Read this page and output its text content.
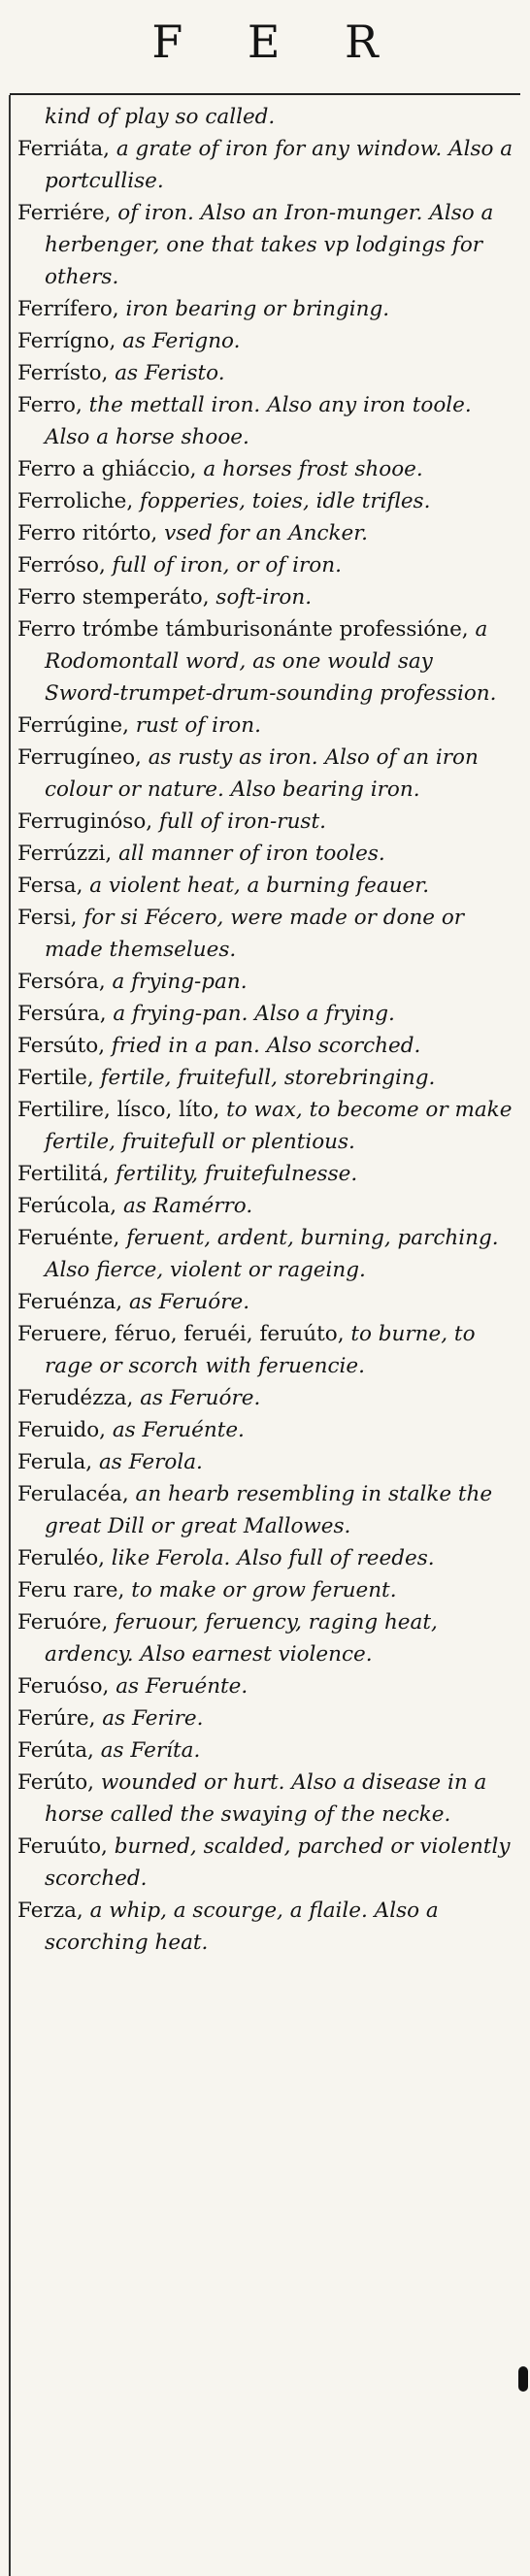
F E R

kind of play so called.

Ferriáta, a grate of iron for any window. Also a portcullise.

Ferriére, of iron. Also an Iron-munger. Also a herbenger, one that takes vp lodgings for others.

Ferrífero, iron bearing or bringing.

Ferrígno, as Ferigno.

Ferrísto, as Feristo.

Ferro, the mettall iron. Also any iron toole. Also a horse shooe.

Ferro a ghiáccio, a horses frost shooe.

Ferroliche, fopperies, toies, idle trifles.

Ferro ritórto, vsed for an Ancker.

Ferróso, full of iron, or of iron.

Ferro stemperáto, soft-iron.

Ferro trómbe támburisonánte professióne, a Rodomontall word, as one would say Sword-trumpet-drum-sounding profession.

Ferrúgine, rust of iron.

Ferrugíneo, as rusty as iron. Also of an iron colour or nature. Also bearing iron.

Ferruginóso, full of iron-rust.

Ferrúzzi, all manner of iron tooles.

Fersa, a violent heat, a burning feauer.

Fersi, for si Fécero, were made or done or made themselues.

Fersóra, a frying-pan.

Fersúra, a frying-pan. Also a frying.

Fersúto, fried in a pan. Also scorched.

Fertile, fertile, fruitefull, storebringing.

Fertilire, lísco, líto, to wax, to become or make fertile, fruitefull or plentious.

Fertilitá, fertility, fruitefulnesse.

Ferúcola, as Ramérro.

Feruénte, feruent, ardent, burning, parching. Also fierce, violent or rageing.

Feruénza, as Feruóre.

Feruere, féruo, feruéi, feruúto, to burne, to rage or scorch with feruencie.

Ferudézza, as Feruóre.

Feruido, as Feruénte.

Ferula, as Ferola.

Ferulacéa, an hearb resembling in stalke the great Dill or great Mallowes.

Feruléo, like Ferola. Also full of reedes.

Feru rare, to make or grow feruent.

Feruóre, feruour, feruency, raging heat, ardency. Also earnest violence.

Feruóso, as Feruénte.

Ferúre, as Ferire.

Ferúta, as Feríta.

Ferúto, wounded or hurt. Also a disease in a horse called the swaying of the necke.

Feruúto, burned, scalded, parched or violently scorched.

Ferza, a whip, a scourge, a flaile. Also a scorching heat.
